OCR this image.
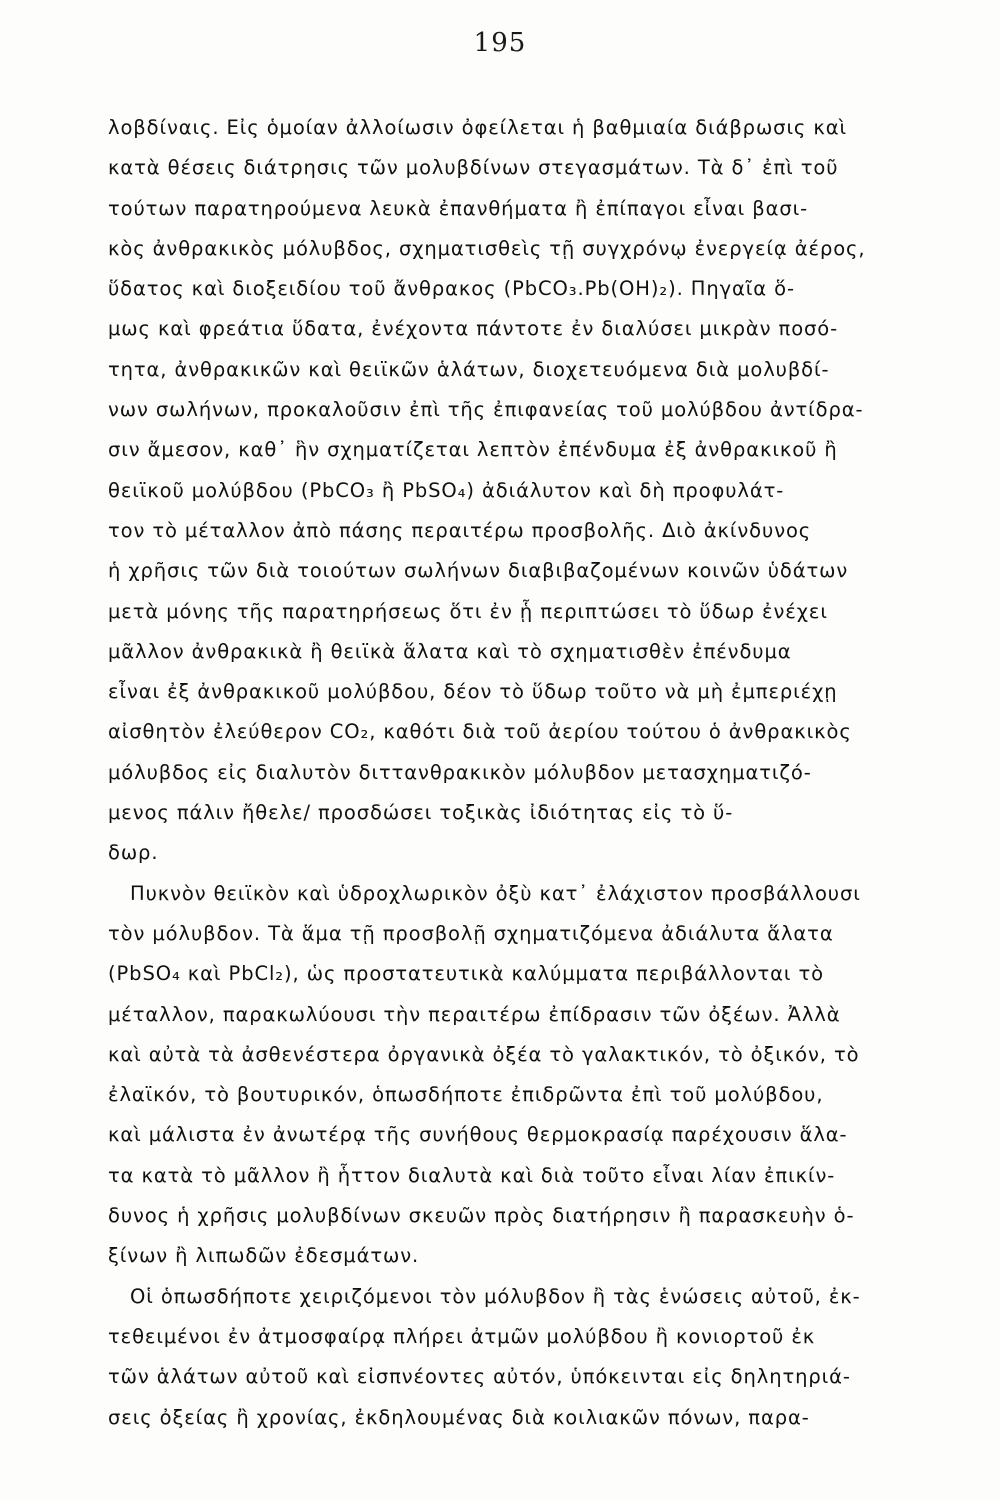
195
λοβδίναις. Εἰς ὁμοίαν ἀλλοίωσιν ὀφείλεται ἡ βαθμιαία διάβρωσις καὶ
κατὰ θέσεις διάτρησις τῶν μολυβδίνων στεγασμάτων. Τὰ δ᾽ ἐπὶ τοῦ
τούτων παρατηρούμενα λευκὰ ἐπανθήματα ἢ ἐπίπαγοι εἶναι βασι-
κὸς ἀνθρακικὸς μόλυβδος, σχηματισθεὶς τῇ συγχρόνῳ ἐνεργείᾳ ἀέρος,
ὕδατος καὶ διοξειδίου τοῦ ἄνθρακος (PbCO₃.Pb(OH)₂). Πηγαῖα ὅ-
μως καὶ φρεάτια ὕδατα, ἐνέχοντα πάντοτε ἐν διαλύσει μικρὰν ποσό-
τητα, ἀνθρακικῶν καὶ θειϊκῶν ἁλάτων, διοχετευόμενα διὰ μολυβδί-
νων σωλήνων, προκαλοῦσιν ἐπὶ τῆς ἐπιφανείας τοῦ μολύβδου ἀντίδρα-
σιν ἄμεσον, καθ᾽ ἣν σχηματίζεται λεπτὸν ἐπένδυμα ἐξ ἀνθρακικοῦ ἢ
θειϊκοῦ μολύβδου (PbCO₃ ἢ PbSO₄) ἀδιάλυτον καὶ δὴ προφυλάτ-
τον τὸ μέταλλον ἀπὸ πάσης περαιτέρω προσβολῆς. Διὸ ἀκίνδυνος
ἡ χρῆσις τῶν διὰ τοιούτων σωλήνων διαβιβαζομένων κοινῶν ὑδάτων
μετὰ μόνης τῆς παρατηρήσεως ὅτι ἐν ᾗ περιπτώσει τὸ ὕδωρ ἐνέχει
μᾶλλον ἀνθρακικὰ ἢ θειϊκὰ ἅλατα καὶ τὸ σχηματισθὲν ἐπένδυμα
εἶναι ἐξ ἀνθρακικοῦ μολύβδου, δέον τὸ ὕδωρ τοῦτο νὰ μὴ ἐμπεριέχῃ
αἰσθητὸν ἐλεύθερον CO₂, καθότι διὰ τοῦ ἀερίου τούτου ὁ ἀνθρακικὸς
μόλυβδος εἰς διαλυτὸν διττανθρακικὸν μόλυβδον μετασχηματιζό-
μενος πάλιν ἤθελε/ προσδώσει τοξικὰς ἰδιότητας εἰς τὸ ὕ-
δωρ.
Πυκνὸν θειϊκὸν καὶ ὑδροχλωρικὸν ὀξὺ κατ᾽ ἐλάχιστον προσβάλλουσι
τὸν μόλυβδον. Τὰ ἅμα τῇ προσβολῇ σχηματιζόμενα ἀδιάλυτα ἅλατα
(PbSO₄ καὶ PbCl₂), ὡς προστατευτικὰ καλύμματα περιβάλλονται τὸ
μέταλλον, παρακωλύουσι τὴν περαιτέρω ἐπίδρασιν τῶν ὀξέων. Ἀλλὰ
καὶ αὐτὰ τὰ ἀσθενέστερα ὀργανικὰ ὀξέα τὸ γαλακτικόν, τὸ ὀξικόν, τὸ
ἐλαϊκόν, τὸ βουτυρικόν, ὁπωσδήποτε ἐπιδρῶντα ἐπὶ τοῦ μολύβδου,
καὶ μάλιστα ἐν ἀνωτέρᾳ τῆς συνήθους θερμοκρασίᾳ παρέχουσιν ἅλα-
τα κατὰ τὸ μᾶλλον ἢ ἧττον διαλυτὰ καὶ διὰ τοῦτο εἶναι λίαν ἐπικίν-
δυνος ἡ χρῆσις μολυβδίνων σκευῶν πρὸς διατήρησιν ἢ παρασκευὴν ὁ-
ξίνων ἢ λιπωδῶν ἐδεσμάτων.
Οἱ ὁπωσδήποτε χειριζόμενοι τὸν μόλυβδον ἢ τὰς ἑνώσεις αὐτοῦ, ἐκ-
τεθειμένοι ἐν ἀτμοσφαίρᾳ πλήρει ἀτμῶν μολύβδου ἢ κονιορτοῦ ἐκ
τῶν ἁλάτων αὐτοῦ καὶ εἰσπνέοντες αὐτόν, ὑπόκεινται εἰς δηλητηριά-
σεις ὀξείας ἢ χρονίας, ἐκδηλουμένας διὰ κοιλιακῶν πόνων, παρα-
